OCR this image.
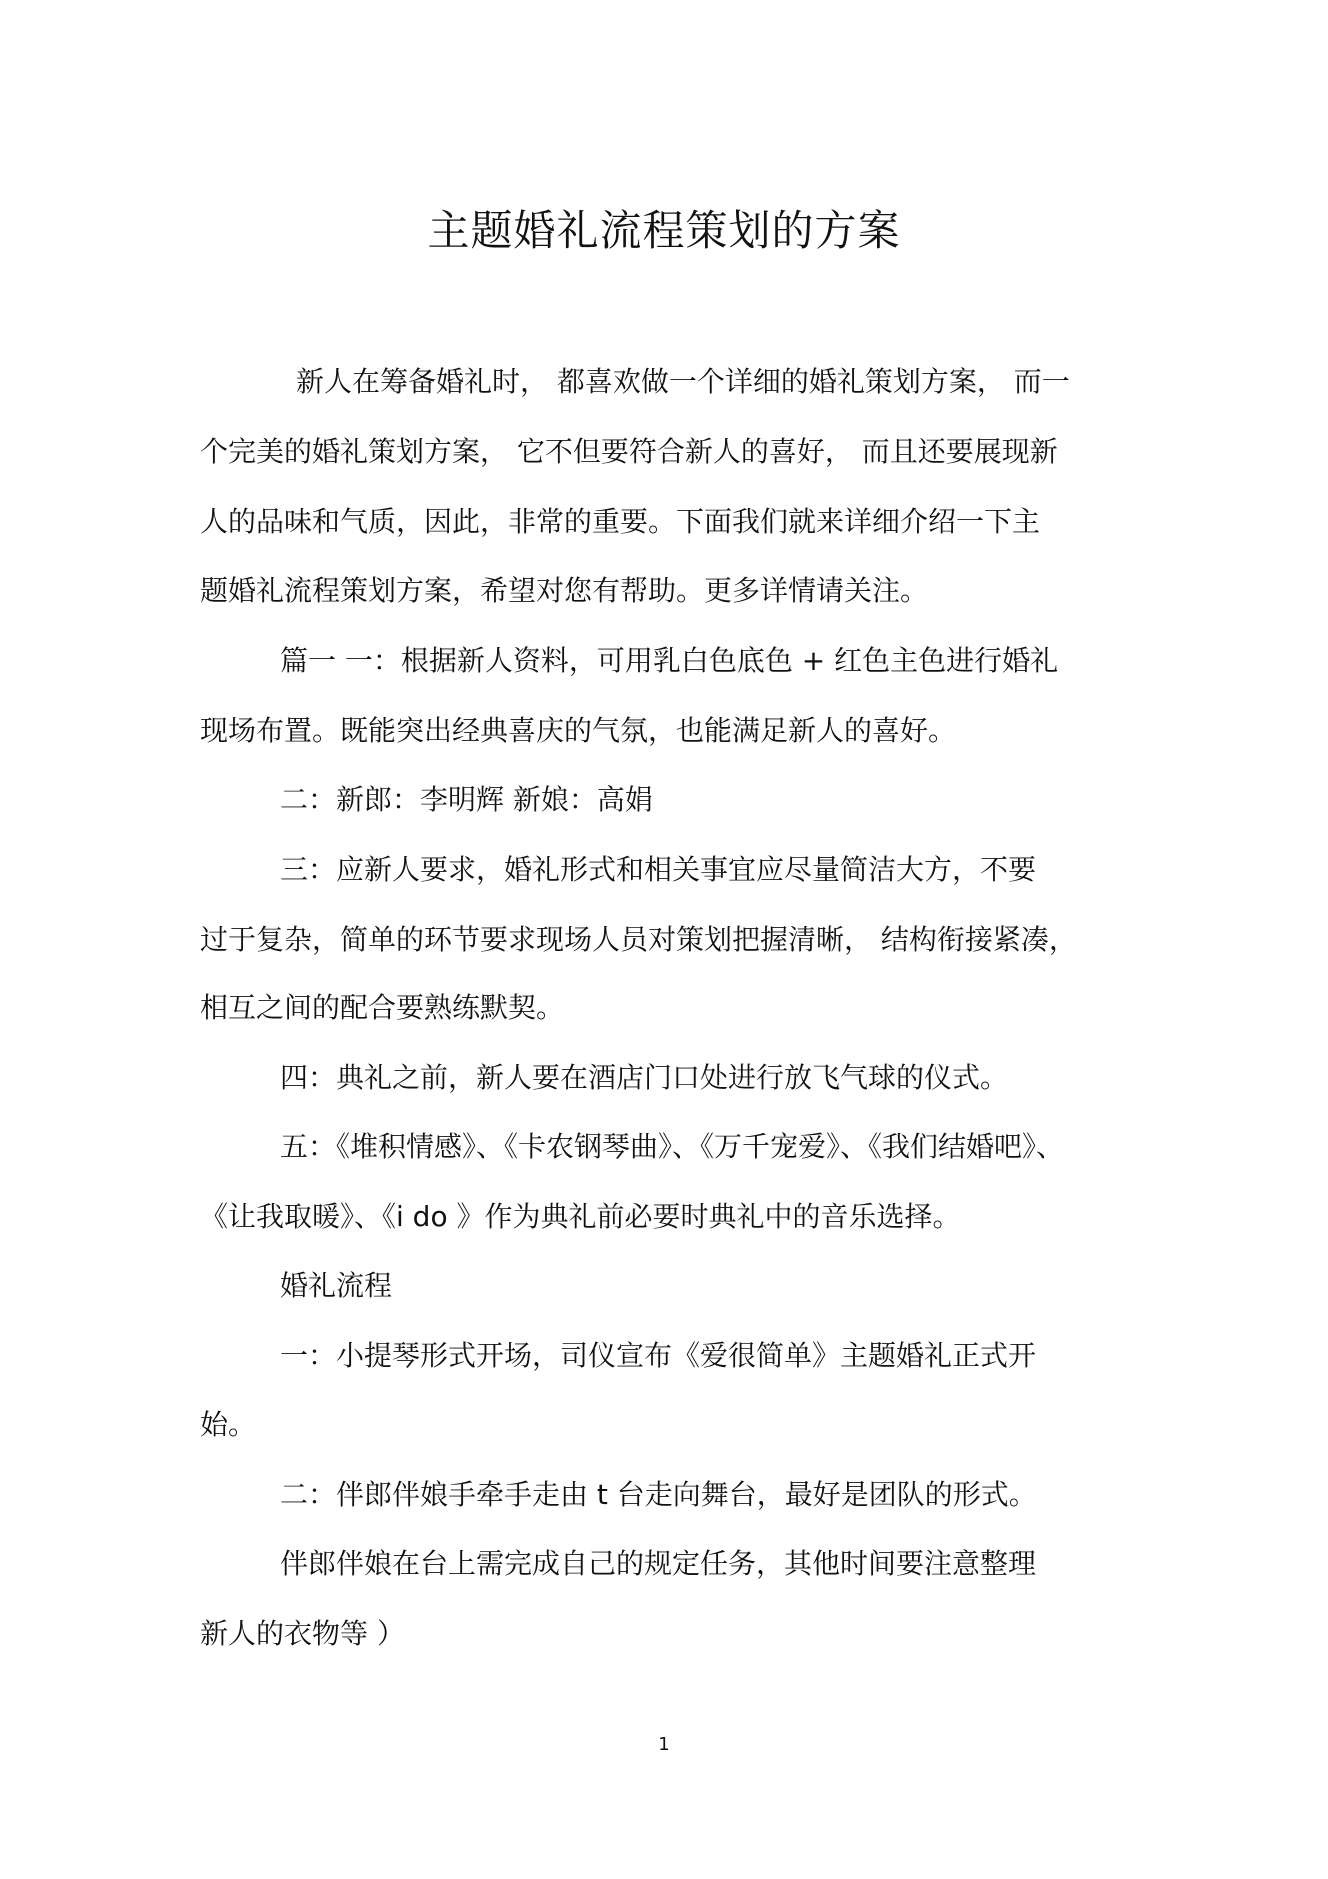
主题婚礼流程策划的方案
新人在筹备婚礼时， 都喜欢做一个详细的婚礼策划方案， 而一
个完美的婚礼策划方案， 它不但要符合新人的喜好， 而且还要展现新
人的品味和气质，因此，非常的重要。下面我们就来详细介绍一下主
题婚礼流程策划方案，希望对您有帮助。更多详情请关注。
篇一 一：根据新人资料，可用乳白色底色 + 红色主色进行婚礼
现场布置。既能突出经典喜庆的气氛，也能满足新人的喜好。
二：新郎：李明辉 新娘：高娟
三：应新人要求，婚礼形式和相关事宜应尽量简洁大方，不要
过于复杂，简单的环节要求现场人员对策划把握清晰， 结构衔接紧凑，
相互之间的配合要熟练默契。
四：典礼之前，新人要在酒店门口处进行放飞气球的仪式。
五：《堆积情感》、《卡农钢琴曲》、《万千宠爱》、《我们结婚吧》、
《让我取暖》、《i do 》作为典礼前必要时典礼中的音乐选择。
婚礼流程
一：小提琴形式开场，司仪宣布《爱很简单》主题婚礼正式开
始。
二：伴郎伴娘手牵手走由 t 台走向舞台，最好是团队的形式。
伴郎伴娘在台上需完成自己的规定任务，其他时间要注意整理
新人的衣物等 ）
1
